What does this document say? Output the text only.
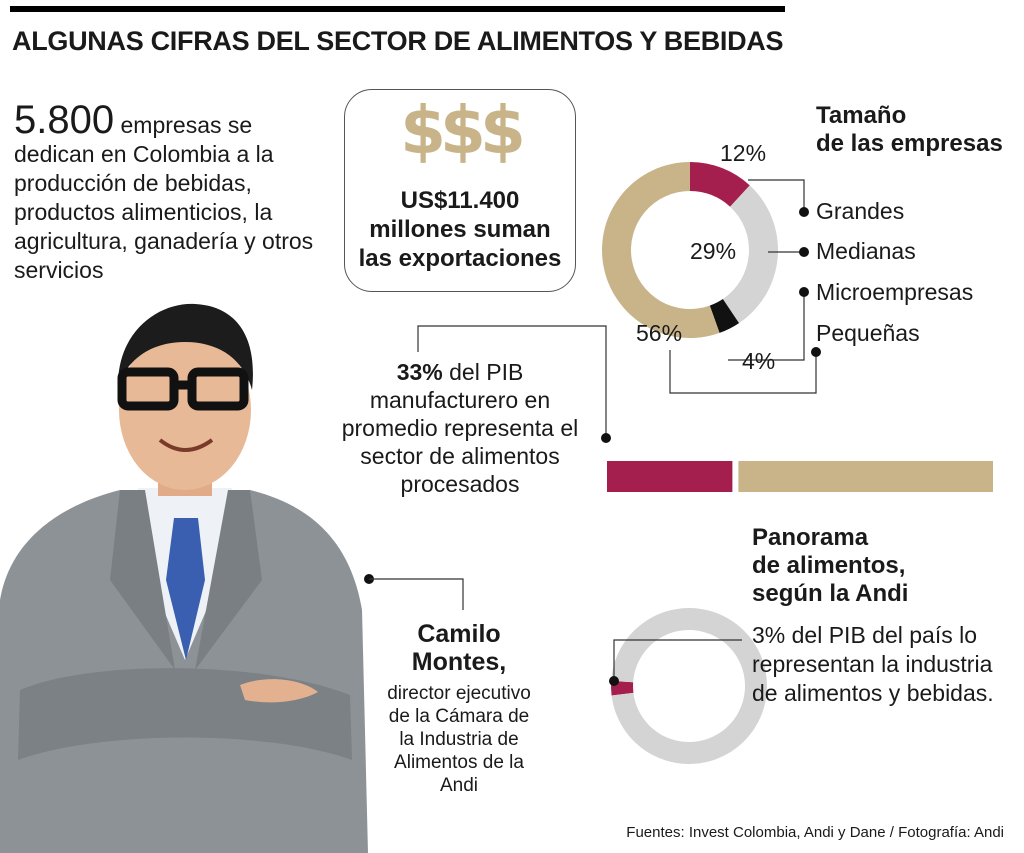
ALGUNAS CIFRAS DEL SECTOR DE ALIMENTOS Y BEBIDAS
5.800 empresas se dedican en Colombia a la producción de bebidas, productos alimenticios, la agricultura, ganadería y otros servicios
$$$
US$11.400
millones suman
las exportaciones
Tamaño
de las empresas
12%
29%
4%
56%
Grandes
Medianas
Microempresas
Pequeñas
33% del PIB manufacturero en promedio representa el sector de alimentos procesados
Camilo
Montes,
director ejecutivo de la Cámara de la Industria de Alimentos de la Andi
Panorama
de alimentos,
según la Andi
3% del PIB del país lo representan la industria de alimentos y bebidas.
Fuentes: Invest Colombia, Andi y Dane / Fotografía: Andi
